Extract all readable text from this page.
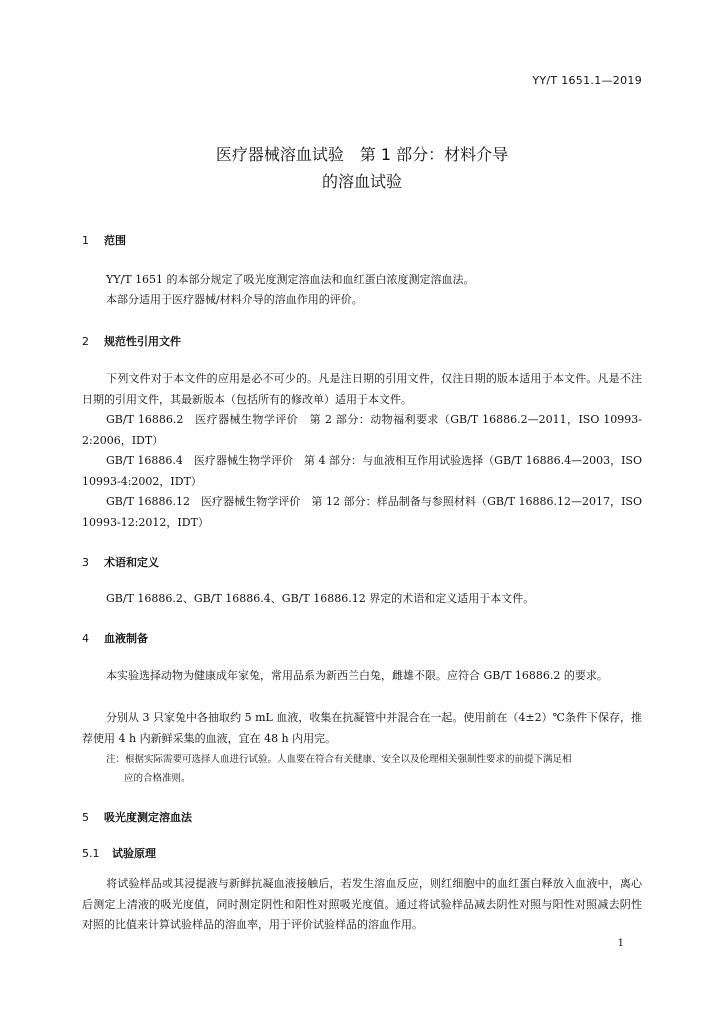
YY/T 1651.1—2019
医疗器械溶血试验　第 1 部分：材料介导
的溶血试验
1 范围
YY/T 1651 的本部分规定了吸光度测定溶血法和血红蛋白浓度测定溶血法。
本部分适用于医疗器械/材料介导的溶血作用的评价。
2 规范性引用文件
下列文件对于本文件的应用是必不可少的。凡是注日期的引用文件，仅注日期的版本适用于本文件。凡是不注日期的引用文件，其最新版本（包括所有的修改单）适用于本文件。
GB/T 16886.2　医疗器械生物学评价　第 2 部分：动物福利要求（GB/T 16886.2—2011，ISO 10993-2:2006，IDT）
GB/T 16886.4　医疗器械生物学评价　第 4 部分：与血液相互作用试验选择（GB/T 16886.4—2003，ISO 10993-4:2002，IDT）
GB/T 16886.12　医疗器械生物学评价　第 12 部分：样品制备与参照材料（GB/T 16886.12—2017，ISO 10993-12:2012，IDT）
3 术语和定义
GB/T 16886.2、GB/T 16886.4、GB/T 16886.12 界定的术语和定义适用于本文件。
4 血液制备
本实验选择动物为健康成年家兔，常用品系为新西兰白兔，雌雄不限。应符合 GB/T 16886.2 的要求。
分别从 3 只家兔中各抽取约 5 mL 血液，收集在抗凝管中并混合在一起。使用前在（4±2）℃条件下保存，推荐使用 4 h 内新鲜采集的血液，宜在 48 h 内用完。
注：根据实际需要可选择人血进行试验。人血要在符合有关健康、安全以及伦理相关强制性要求的前提下满足相
应的合格准则。
5 吸光度测定溶血法
5.1 试验原理
将试验样品或其浸提液与新鲜抗凝血液接触后，若发生溶血反应，则红细胞中的血红蛋白释放入血液中，离心后测定上清液的吸光度值，同时测定阴性和阳性对照吸光度值。通过将试验样品减去阴性对照与阳性对照减去阴性对照的比值来计算试验样品的溶血率，用于评价试验样品的溶血作用。
1
